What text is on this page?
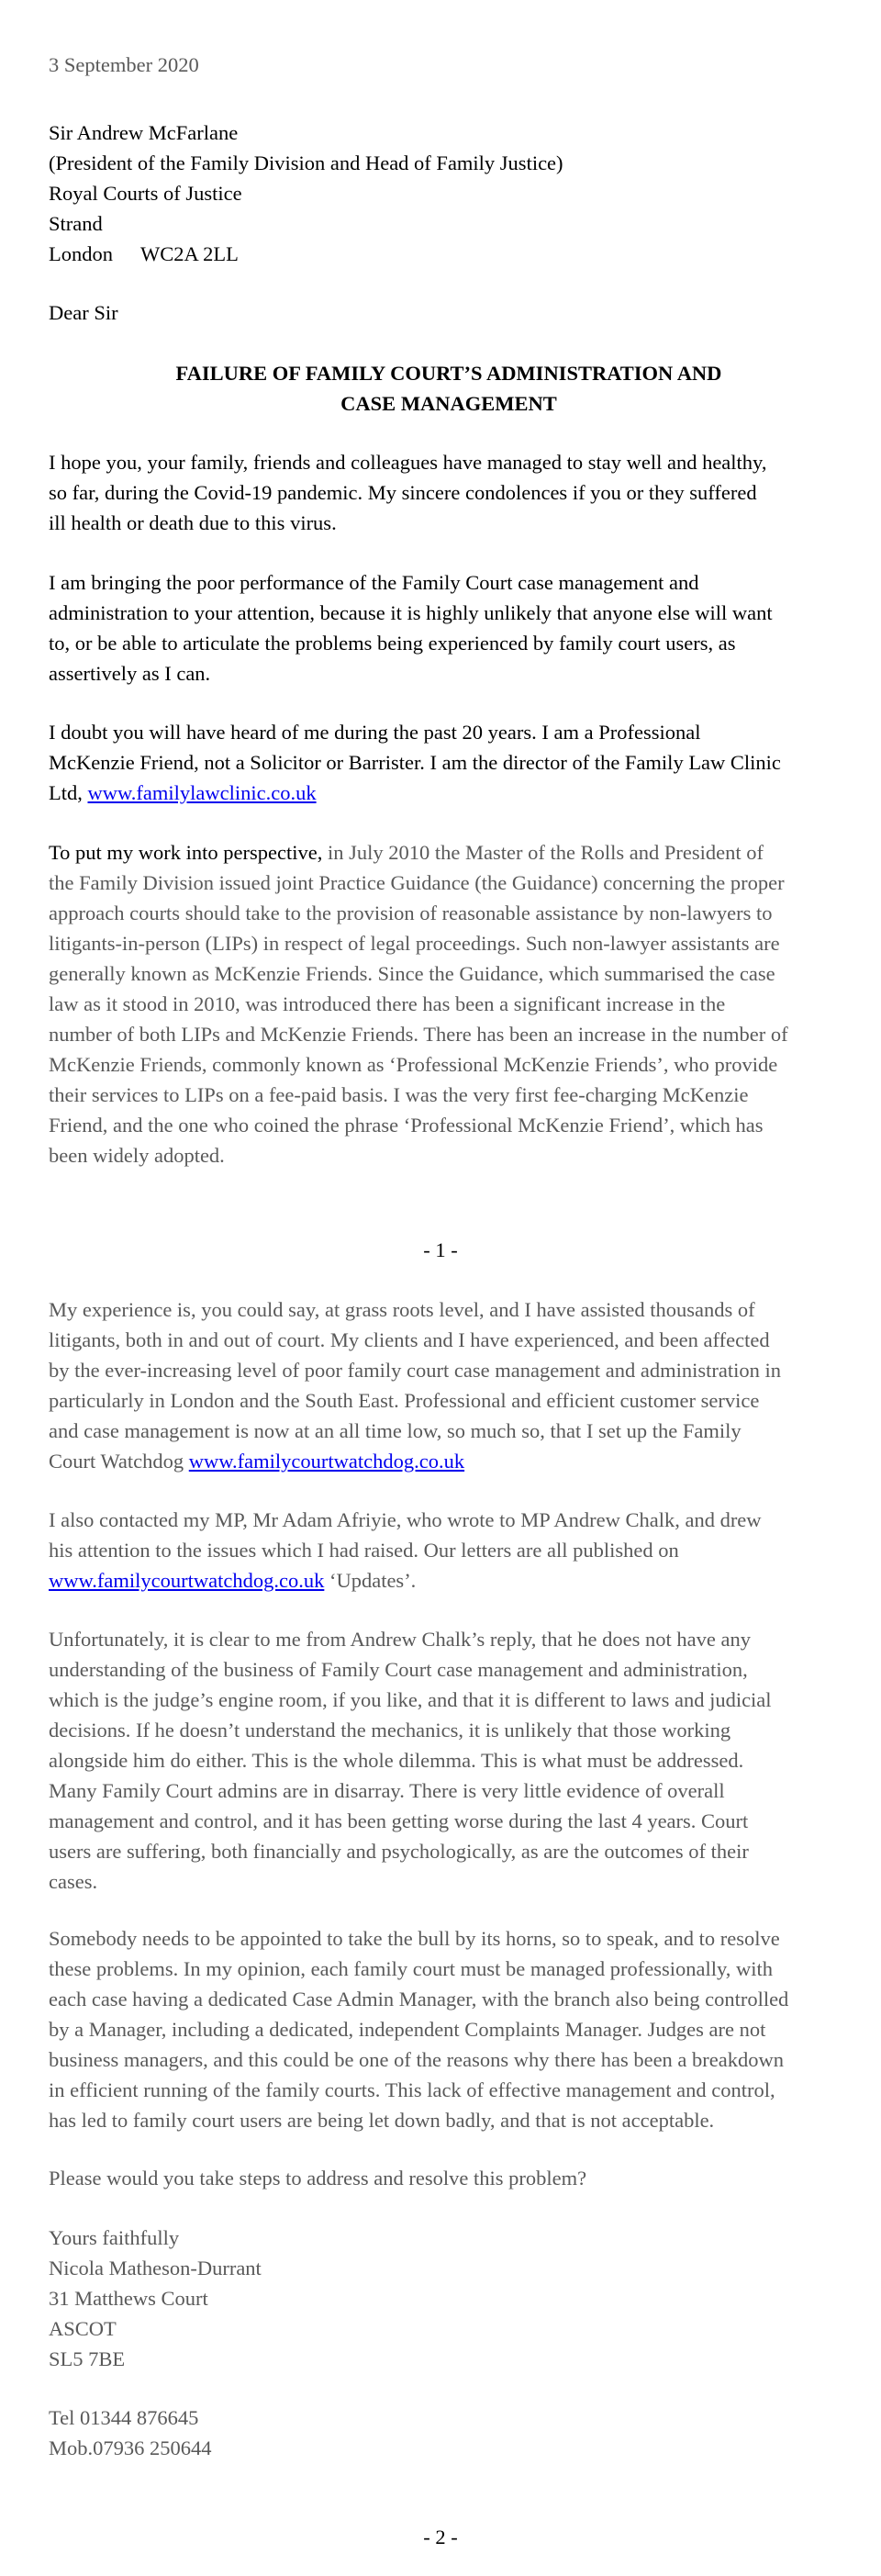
3 September 2020
Sir Andrew McFarlane
(President of the Family Division and Head of Family Justice)
Royal Courts of Justice
Strand
London WC2A 2LL
Dear Sir
FAILURE OF FAMILY COURT’S ADMINISTRATION AND
CASE MANAGEMENT
I hope you, your family, friends and colleagues have managed to stay well and healthy,
so far, during the Covid-19 pandemic. My sincere condolences if you or they suffered
ill health or death due to this virus.
I am bringing the poor performance of the Family Court case management and
administration to your attention, because it is highly unlikely that anyone else will want
to, or be able to articulate the problems being experienced by family court users, as
assertively as I can.
I doubt you will have heard of me during the past 20 years. I am a Professional
McKenzie Friend, not a Solicitor or Barrister. I am the director of the Family Law Clinic
Ltd, www.familylawclinic.co.uk
To put my work into perspective, in July 2010 the Master of the Rolls and President of
the Family Division issued joint Practice Guidance (the Guidance) concerning the proper
approach courts should take to the provision of reasonable assistance by non-lawyers to
litigants-in-person (LIPs) in respect of legal proceedings. Such non-lawyer assistants are
generally known as McKenzie Friends. Since the Guidance, which summarised the case
law as it stood in 2010, was introduced there has been a significant increase in the
number of both LIPs and McKenzie Friends. There has been an increase in the number of
McKenzie Friends, commonly known as ‘Professional McKenzie Friends’, who provide
their services to LIPs on a fee-paid basis. I was the very first fee-charging McKenzie
Friend, and the one who coined the phrase ‘Professional McKenzie Friend’, which has
been widely adopted.
- 1 -
My experience is, you could say, at grass roots level, and I have assisted thousands of
litigants, both in and out of court. My clients and I have experienced, and been affected
by the ever-increasing level of poor family court case management and administration in
particularly in London and the South East. Professional and efficient customer service
and case management is now at an all time low, so much so, that I set up the Family
Court Watchdog www.familycourtwatchdog.co.uk
I also contacted my MP, Mr Adam Afriyie, who wrote to MP Andrew Chalk, and drew
his attention to the issues which I had raised. Our letters are all published on
www.familycourtwatchdog.co.uk ‘Updates’.
Unfortunately, it is clear to me from Andrew Chalk’s reply, that he does not have any
understanding of the business of Family Court case management and administration,
which is the judge’s engine room, if you like, and that it is different to laws and judicial
decisions. If he doesn’t understand the mechanics, it is unlikely that those working
alongside him do either. This is the whole dilemma. This is what must be addressed.
Many Family Court admins are in disarray. There is very little evidence of overall
management and control, and it has been getting worse during the last 4 years. Court
users are suffering, both financially and psychologically, as are the outcomes of their
cases.
Somebody needs to be appointed to take the bull by its horns, so to speak, and to resolve
these problems. In my opinion, each family court must be managed professionally, with
each case having a dedicated Case Admin Manager, with the branch also being controlled
by a Manager, including a dedicated, independent Complaints Manager. Judges are not
business managers, and this could be one of the reasons why there has been a breakdown
in efficient running of the family courts. This lack of effective management and control,
has led to family court users are being let down badly, and that is not acceptable.
Please would you take steps to address and resolve this problem?
Yours faithfully
Nicola Matheson-Durrant
31 Matthews Court
ASCOT
SL5 7BE
Tel 01344 876645
Mob.07936 250644
- 2 -
